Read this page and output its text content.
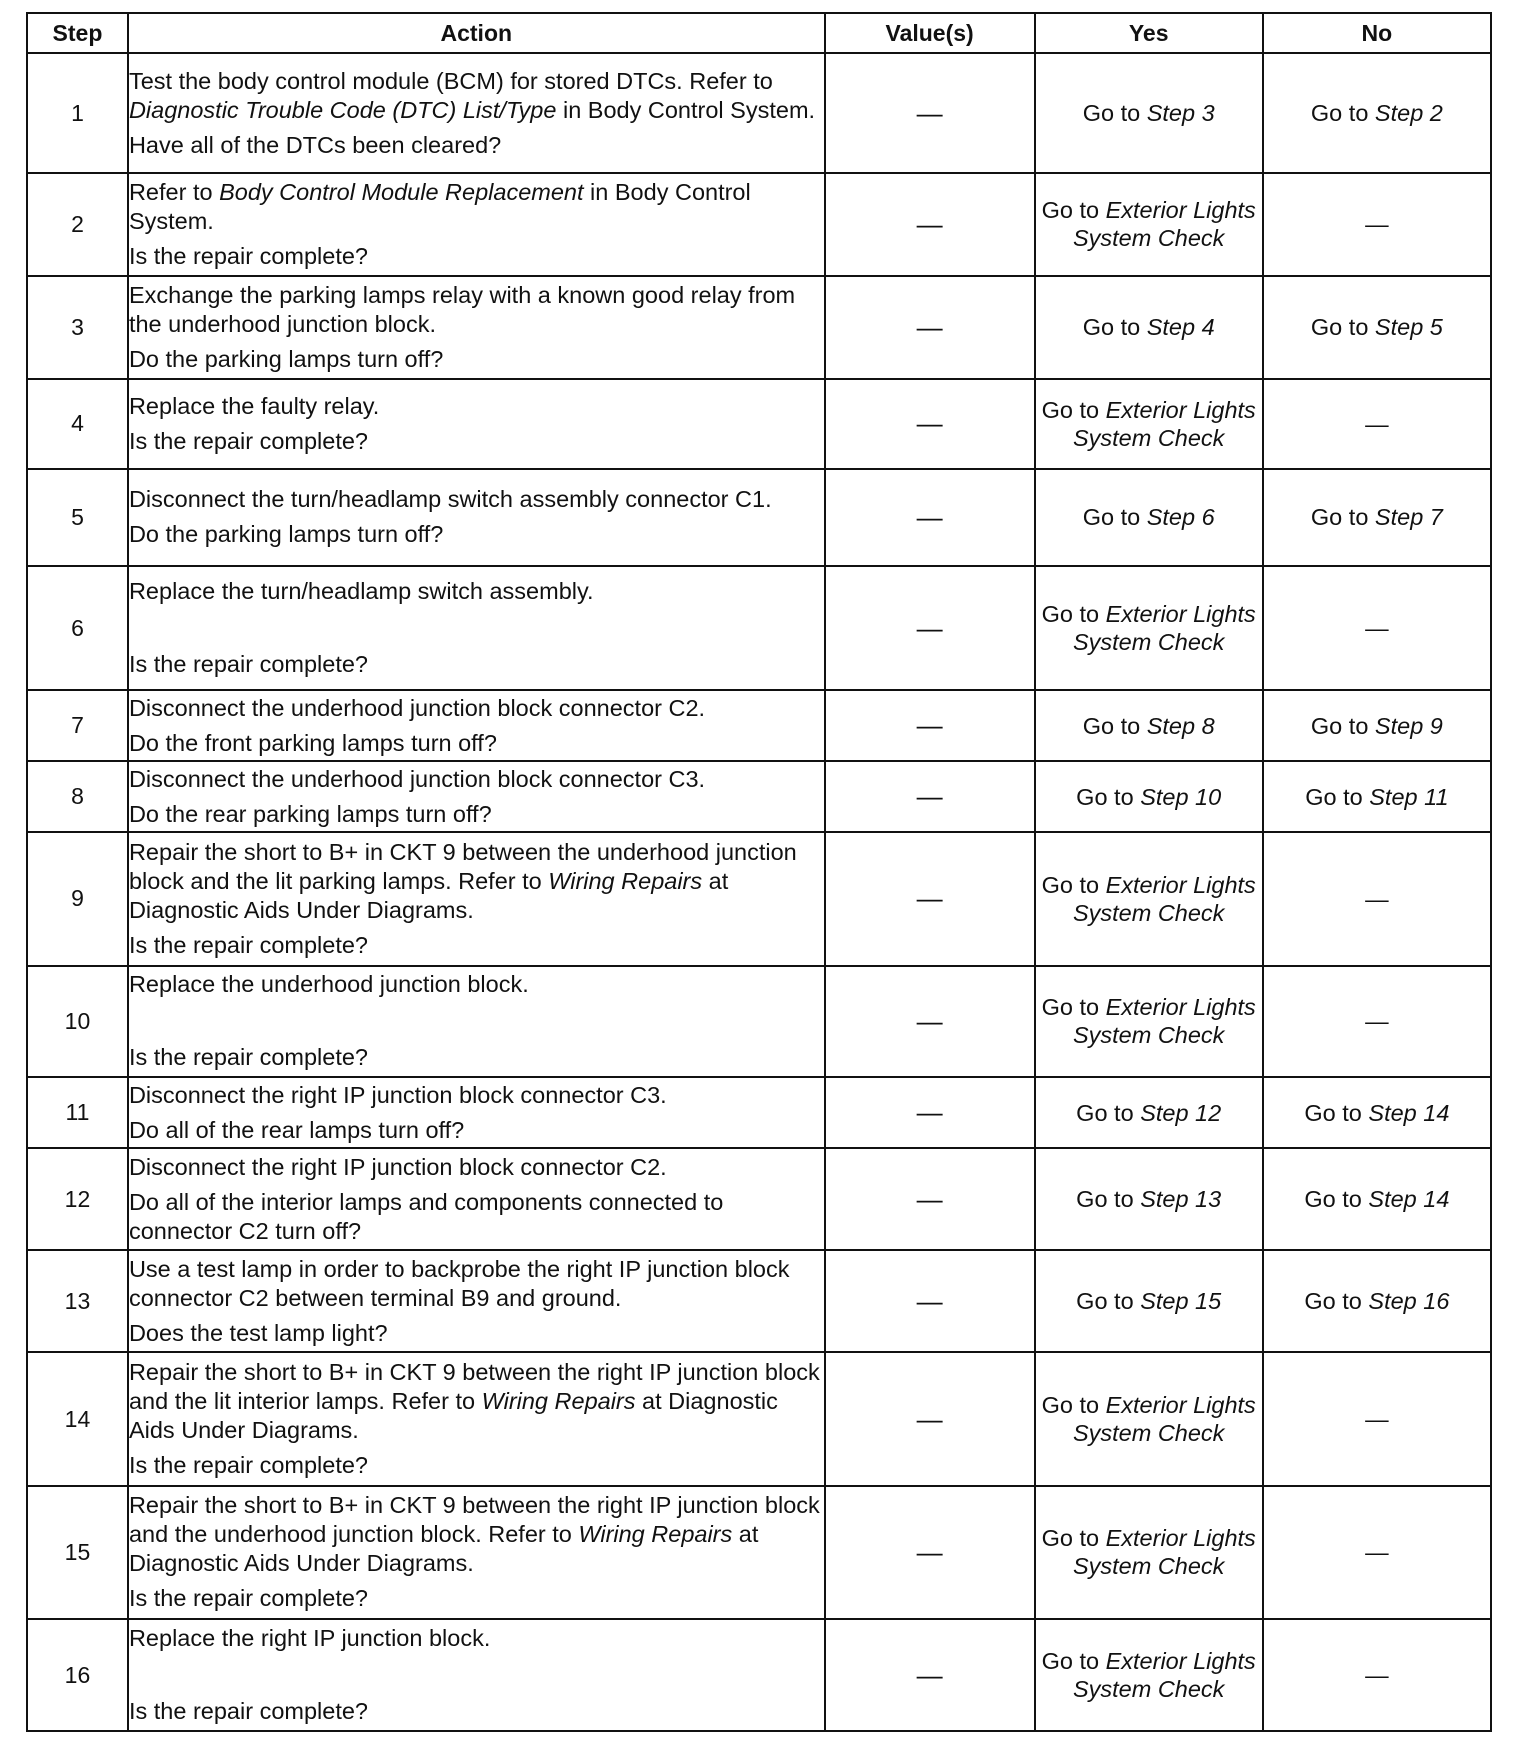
Step	Action	Value(s)	Yes	No
1	Test the body control module (BCM) for stored DTCs. Refer to Diagnostic Trouble Code (DTC) List/Type in Body Control System.
Have all of the DTCs been cleared?	—	Go to Step 3	Go to Step 2
2	Refer to Body Control Module Replacement in Body Control System.
Is the repair complete?	—	Go to Exterior Lights System Check	—
3	Exchange the parking lamps relay with a known good relay from the underhood junction block.
Do the parking lamps turn off?	—	Go to Step 4	Go to Step 5
4	Replace the faulty relay.
Is the repair complete?	—	Go to Exterior Lights System Check	—
5	Disconnect the turn/headlamp switch assembly connector C1.
Do the parking lamps turn off?	—	Go to Step 6	Go to Step 7
6	Replace the turn/headlamp switch assembly.
Is the repair complete?	—	Go to Exterior Lights System Check	—
7	Disconnect the underhood junction block connector C2.
Do the front parking lamps turn off?	—	Go to Step 8	Go to Step 9
8	Disconnect the underhood junction block connector C3.
Do the rear parking lamps turn off?	—	Go to Step 10	Go to Step 11
9	Repair the short to B+ in CKT 9 between the underhood junction block and the lit parking lamps. Refer to Wiring Repairs at Diagnostic Aids Under Diagrams.
Is the repair complete?	—	Go to Exterior Lights System Check	—
10	Replace the underhood junction block.
Is the repair complete?	—	Go to Exterior Lights System Check	—
11	Disconnect the right IP junction block connector C3.
Do all of the rear lamps turn off?	—	Go to Step 12	Go to Step 14
12	Disconnect the right IP junction block connector C2.
Do all of the interior lamps and components connected to connector C2 turn off?	—	Go to Step 13	Go to Step 14
13	Use a test lamp in order to backprobe the right IP junction block connector C2 between terminal B9 and ground.
Does the test lamp light?	—	Go to Step 15	Go to Step 16
14	Repair the short to B+ in CKT 9 between the right IP junction block and the lit interior lamps. Refer to Wiring Repairs at Diagnostic Aids Under Diagrams.
Is the repair complete?	—	Go to Exterior Lights System Check	—
15	Repair the short to B+ in CKT 9 between the right IP junction block and the underhood junction block. Refer to Wiring Repairs at Diagnostic Aids Under Diagrams.
Is the repair complete?	—	Go to Exterior Lights System Check	—
16	Replace the right IP junction block.
Is the repair complete?	—	Go to Exterior Lights System Check	—
